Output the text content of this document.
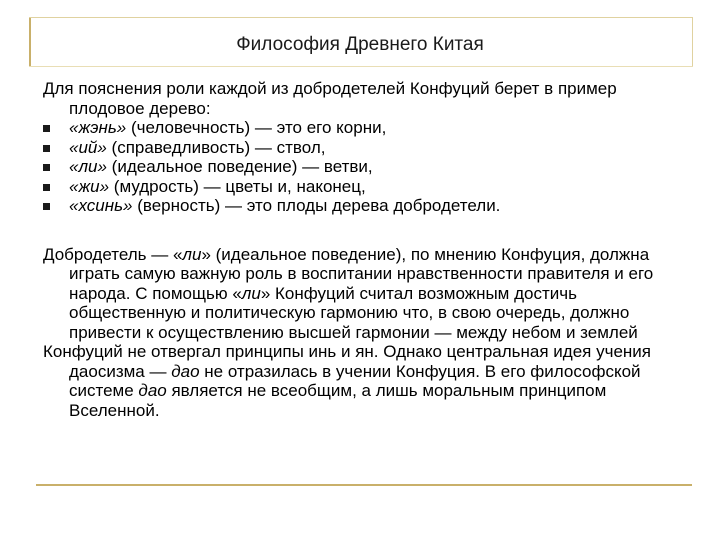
Философия Древнего Китая

Для пояснения роли каждой из добродетелей Конфуций берет в пример плодовое дерево:

«жэнь» (человечность) — это его корни,
«ий» (справедливость) — ствол,
«ли» (идеальное поведение) — ветви,
«жи» (мудрость) — цветы и, наконец,
«хсинь» (верность) — это плоды дерева добродетели.

Добродетель — «ли» (идеальное поведение), по мнению Конфуция, должна играть самую важную роль в воспитании нравственности правителя и его народа. С помощью «ли» Конфуций считал возможным достичь общественную и политическую гармонию что, в свою очередь, должно привести к осуществлению высшей гармонии — между небом и землей

Конфуций не отвергал принципы инь и ян. Однако центральная идея учения даосизма — дао не отразилась в учении Конфуция. В его философской системе дао является не всеобщим, а лишь моральным принципом Вселенной.
